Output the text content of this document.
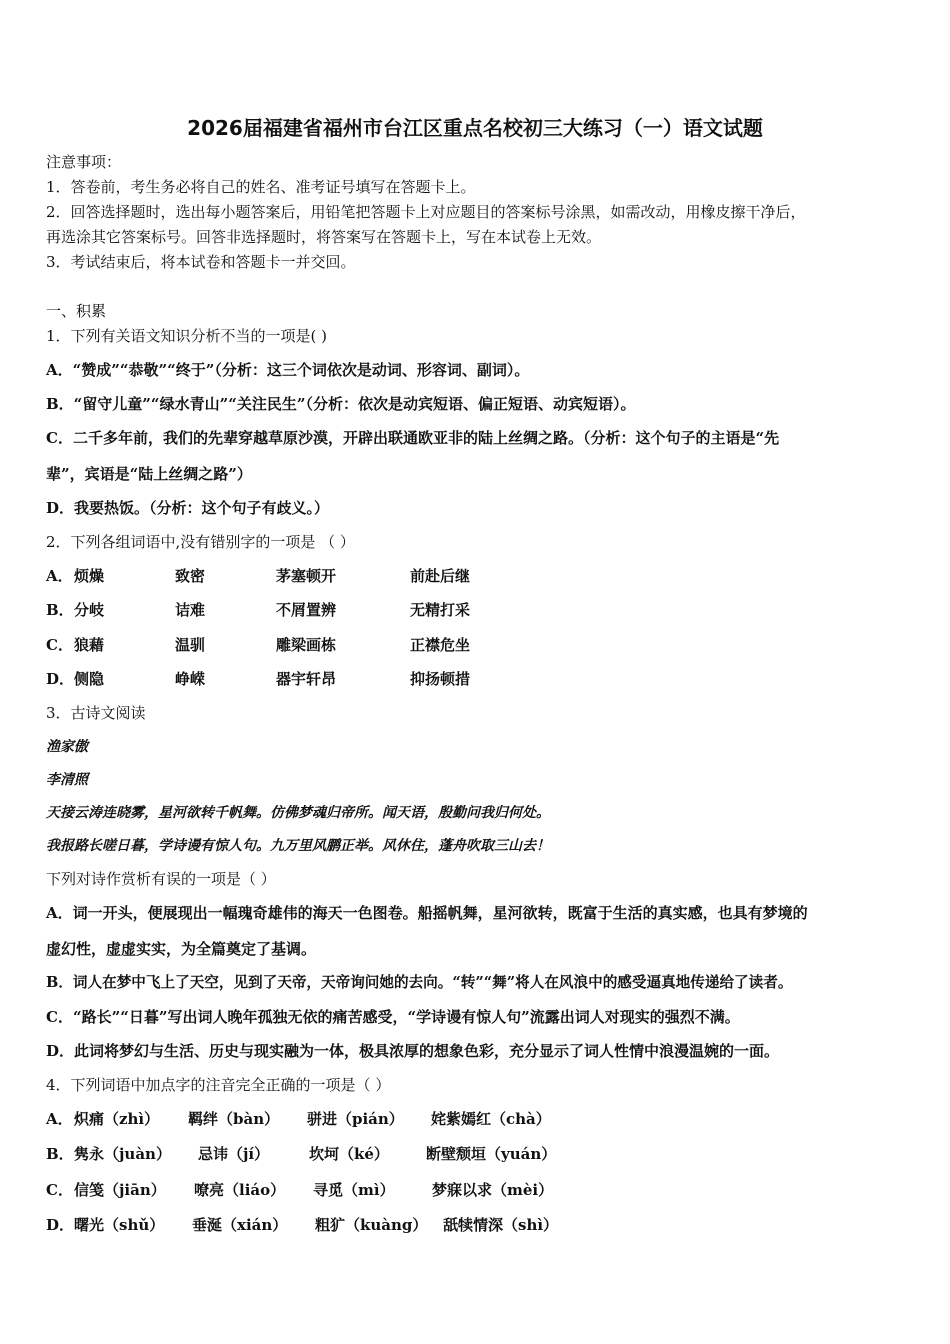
2026届福建省福州市台江区重点名校初三大练习（一）语文试题
注意事项：
1．答卷前，考生务必将自己的姓名、准考证号填写在答题卡上。
2．回答选择题时，选出每小题答案后，用铅笔把答题卡上对应题目的答案标号涂黑，如需改动，用橡皮擦干净后，
再选涂其它答案标号。回答非选择题时，将答案写在答题卡上，写在本试卷上无效。
3．考试结束后，将本试卷和答题卡一并交回。
一、积累
1．下列有关语文知识分析不当的一项是( )
A．“赞成”“恭敬”“终于”（分析：这三个词依次是动词、形容词、副词）。
B．“留守儿童”“绿水青山”“关注民生”（分析：依次是动宾短语、偏正短语、动宾短语）。
C．二千多年前，我们的先辈穿越草原沙漠，开辟出联通欧亚非的陆上丝绸之路。（分析：这个句子的主语是“先
辈”，宾语是“陆上丝绸之路”）
D．我要热饭。（分析：这个句子有歧义。）
2．下列各组词语中,没有错别字的一项是 （ ）
A． 烦燥	致密	茅塞顿开	前赴后继
B． 分岐	诘难	不屑置辨	无精打采
C． 狼藉	温驯	雕梁画栋	正襟危坐
D． 侧隐	峥嵘	器宇轩昂	抑扬顿措
3．古诗文阅读
渔家傲
李清照
天接云涛连晓雾，星河欲转千帆舞。仿佛梦魂归帝所。闻天语，殷勤问我归何处。
我报路长嗟日暮，学诗谩有惊人句。九万里风鹏正举。风休住，蓬舟吹取三山去！
下列对诗作赏析有误的一项是（ ）
A．词一开头，便展现出一幅瑰奇雄伟的海天一色图卷。船摇帆舞，星河欲转，既富于生活的真实感，也具有梦境的
虚幻性，虚虚实实，为全篇奠定了基调。
B．词人在梦中飞上了天空，见到了天帝，天帝询问她的去向。“转”“舞”将人在风浪中的感受逼真地传递给了读者。
C．“路长”“日暮”写出词人晚年孤独无依的痛苦感受，“学诗谩有惊人句”流露出词人对现实的强烈不满。
D．此词将梦幻与生活、历史与现实融为一体，极具浓厚的想象色彩，充分显示了词人性情中浪漫温婉的一面。
4．下列词语中加点字的注音完全正确的一项是（ ）
A． 炽痛（zhì） 羁绊（bàn） 骈进（pián） 姹紫嫣红（chà）
B． 隽永（juàn） 忌讳（jí）	坎坷（ké） 断壁颓垣（yuán）
C． 信笺（jiān） 嘹亮（liáo） 寻觅（mì） 梦寐以求（mèi）
D． 曙光（shǔ） 垂涎（xián） 粗犷（kuàng） 舐犊情深（shì）
